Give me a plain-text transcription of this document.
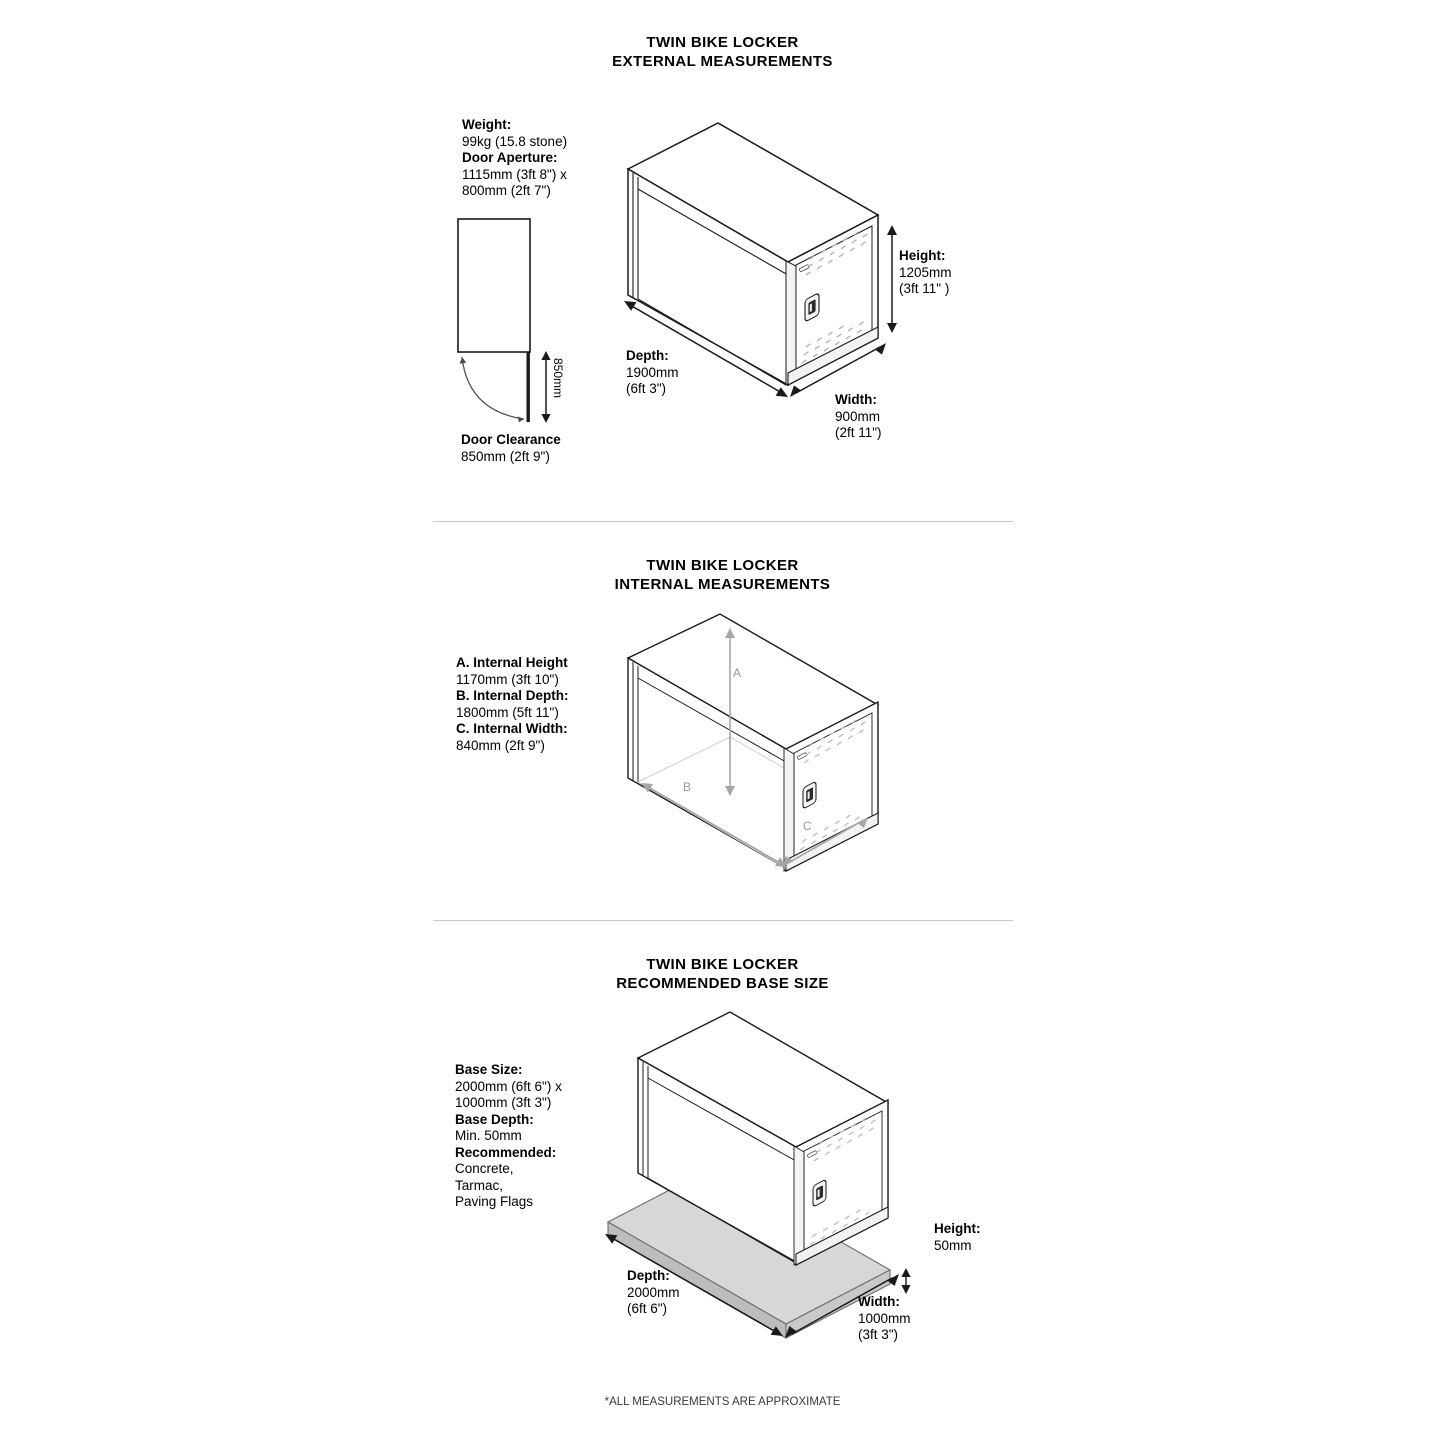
TWIN BIKE LOCKER
EXTERNAL MEASUREMENTS
Weight:
99kg (15.8 stone)
Door Aperture:
1115mm (3ft 8") x
800mm (2ft 7")
850mm
Door Clearance
850mm (2ft 9")
Height:
1205mm
(3ft 11" )
Depth:
1900mm
(6ft 3")
Width:
900mm
(2ft 11")
TWIN BIKE LOCKER
INTERNAL MEASUREMENTS
A. Internal Height
1170mm (3ft 10")
B. Internal Depth:
1800mm (5ft 11")
C. Internal Width:
840mm (2ft 9")
A
B
C
TWIN BIKE LOCKER
RECOMMENDED BASE SIZE
Base Size:
2000mm (6ft 6") x
1000mm (3ft 3")
Base Depth:
Min. 50mm
Recommended:
Concrete,
Tarmac,
Paving Flags
Height:
50mm
Depth:
2000mm
(6ft 6")	Width:
1000mm
(3ft 3")
*ALL MEASUREMENTS ARE APPROXIMATE
